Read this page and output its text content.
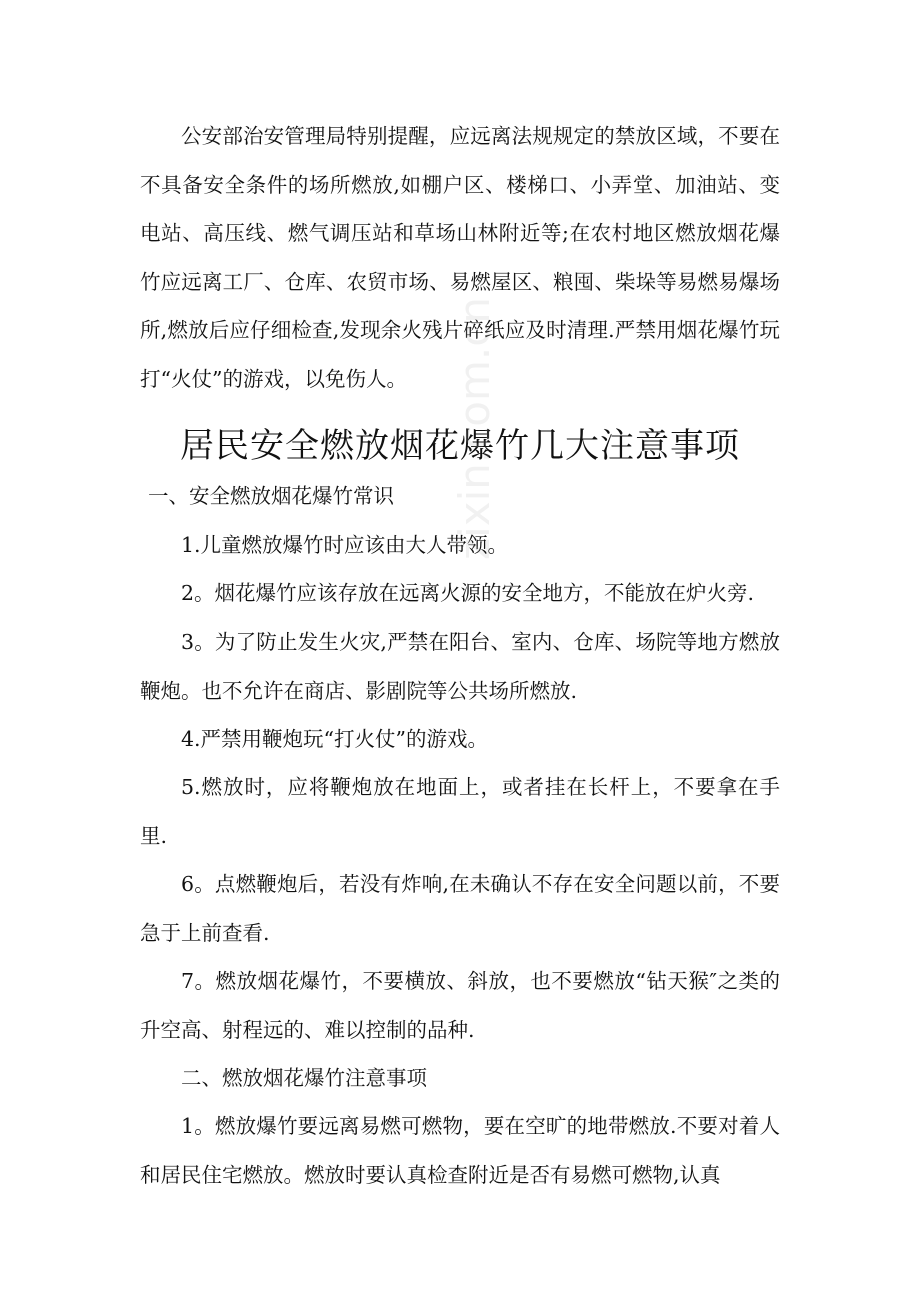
公安部治安管理局特别提醒，应远离法规规定的禁放区域，不要在不具备安全条件的场所燃放,如棚户区、楼梯口、小弄堂、加油站、变电站、高压线、燃气调压站和草场山林附近等;在农村地区燃放烟花爆竹应远离工厂、仓库、农贸市场、易燃屋区、粮囤、柴垛等易燃易爆场所,燃放后应仔细检查,发现余火残片碎纸应及时清理.严禁用烟花爆竹玩打“火仗”的游戏，以免伤人。

居民安全燃放烟花爆竹几大注意事项

一、安全燃放烟花爆竹常识

1.儿童燃放爆竹时应该由大人带领。

2。烟花爆竹应该存放在远离火源的安全地方，不能放在炉火旁.

3。为了防止发生火灾,严禁在阳台、室内、仓库、场院等地方燃放鞭炮。也不允许在商店、影剧院等公共场所燃放.

4.严禁用鞭炮玩“打火仗”的游戏。

5.燃放时，应将鞭炮放在地面上，或者挂在长杆上，不要拿在手里.

6。点燃鞭炮后，若没有炸响,在未确认不存在安全问题以前，不要急于上前查看.

7。燃放烟花爆竹，不要横放、斜放，也不要燃放“钻天猴″之类的升空高、射程远的、难以控制的品种.

二、燃放烟花爆竹注意事项

1。燃放爆竹要远离易燃可燃物，要在空旷的地带燃放.不要对着人和居民住宅燃放。燃放时要认真检查附近是否有易燃可燃物,认真

zixin.com.cn
